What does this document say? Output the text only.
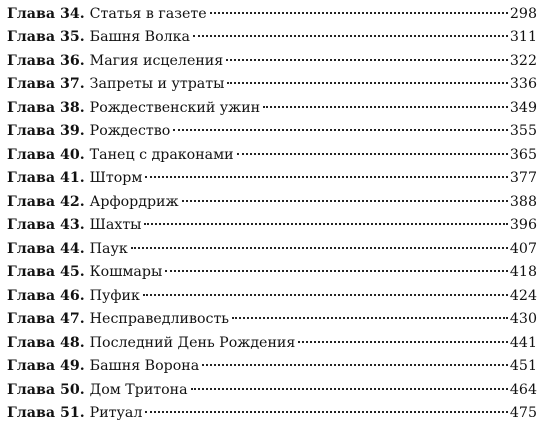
Глава 34. Статья в газете	298
Глава 35. Башня Волка	311
Глава 36. Магия исцеления	322
Глава 37. Запреты и утраты	336
Глава 38. Рождественский ужин	349
Глава 39. Рождество	355
Глава 40. Танец с драконами	365
Глава 41. Шторм	377
Глава 42. Арфордриж	388
Глава 43. Шахты	396
Глава 44. Паук	407
Глава 45. Кошмары	418
Глава 46. Пуфик	424
Глава 47. Несправедливость	430
Глава 48. Последний День Рождения	441
Глава 49. Башня Ворона	451
Глава 50. Дом Тритона	464
Глава 51. Ритуал	475
